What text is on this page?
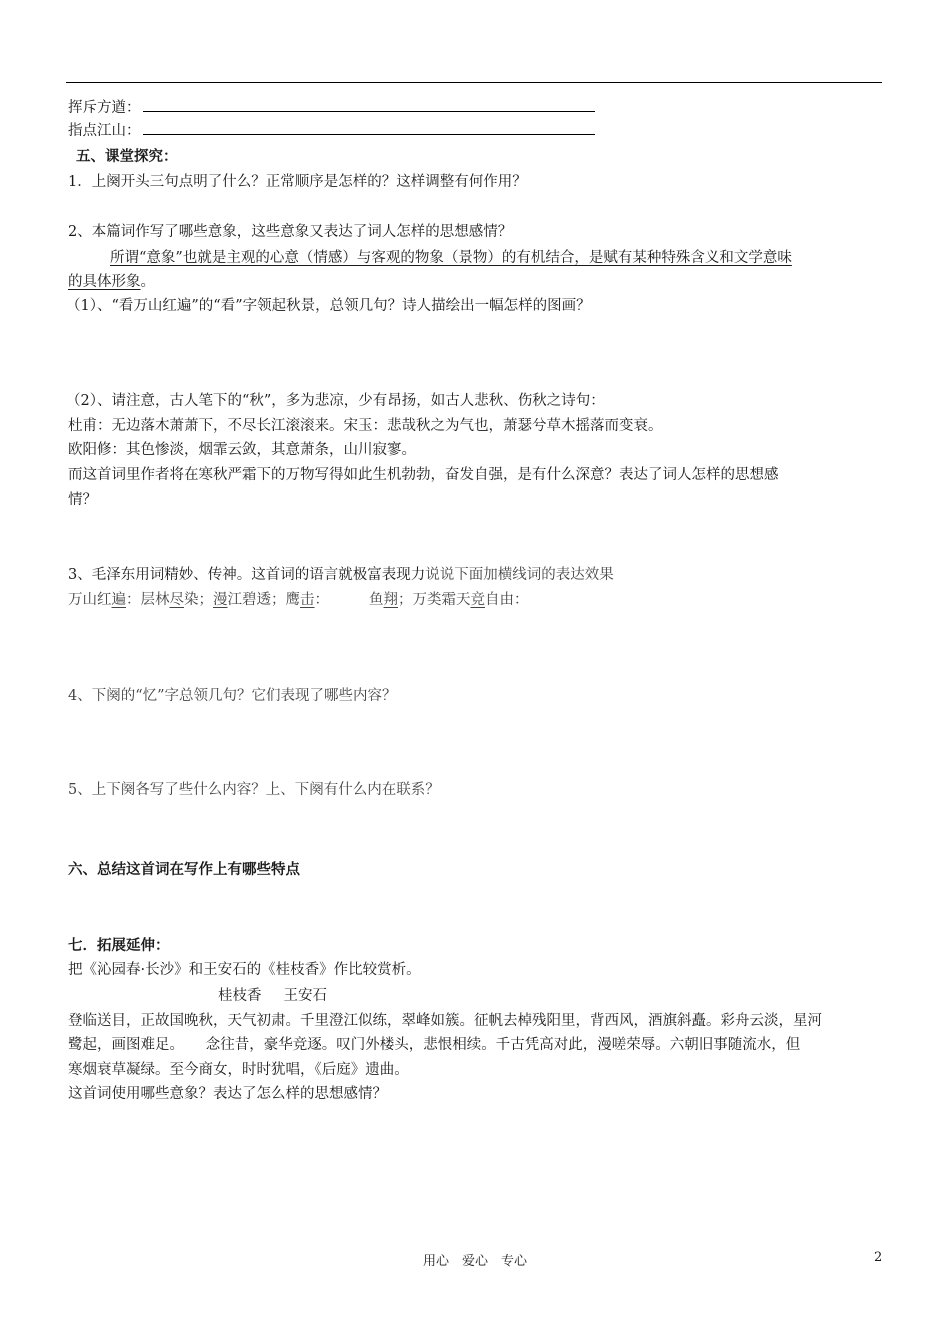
挥斥方遒：
指点江山：
五、课堂探究：
1．上阕开头三句点明了什么？正常顺序是怎样的？这样调整有何作用？
2、本篇词作写了哪些意象，这些意象又表达了词人怎样的思想感情？
所谓“意象”也就是主观的心意（情感）与客观的物象（景物）的有机结合，是赋有某种特殊含义和文学意味
的具体形象。
（1）、“看万山红遍”的“看”字领起秋景，总领几句？诗人描绘出一幅怎样的图画？
（2）、请注意，古人笔下的“秋”，多为悲凉，少有昂扬，如古人悲秋、伤秋之诗句：
杜甫：无边落木萧萧下，不尽长江滚滚来。宋玉：悲哉秋之为气也，萧瑟兮草木摇落而变衰。
欧阳修：其色惨淡，烟霏云敛，其意萧条，山川寂寥。
而这首词里作者将在寒秋严霜下的万物写得如此生机勃勃，奋发自强，是有什么深意？表达了词人怎样的思想感
情？
3、毛泽东用词精妙、传神。这首词的语言就极富表现力说说下面加横线词的表达效果
万山红遍：层林尽染；漫江碧透；鹰击：	鱼翔；万类霜天竞自由：
4、下阕的“忆”字总领几句？它们表现了哪些内容？
5、上下阕各写了些什么内容？上、下阕有什么内在联系？
六、总结这首词在写作上有哪些特点
七．拓展延伸：
把《沁园春·长沙》和王安石的《桂枝香》作比较赏析。
桂枝香 王安石
登临送目，正故国晚秋，天气初肃。千里澄江似练，翠峰如簇。征帆去棹残阳里，背西风，酒旗斜矗。彩舟云淡，星河
鹭起，画图难足。　　念往昔，豪华竞逐。叹门外楼头，悲恨相续。千古凭高对此，漫嗟荣辱。六朝旧事随流水，但
寒烟衰草凝绿。至今商女，时时犹唱，《后庭》遗曲。
这首词使用哪些意象？表达了怎么样的思想感情？
用心　爱心　专心	2
